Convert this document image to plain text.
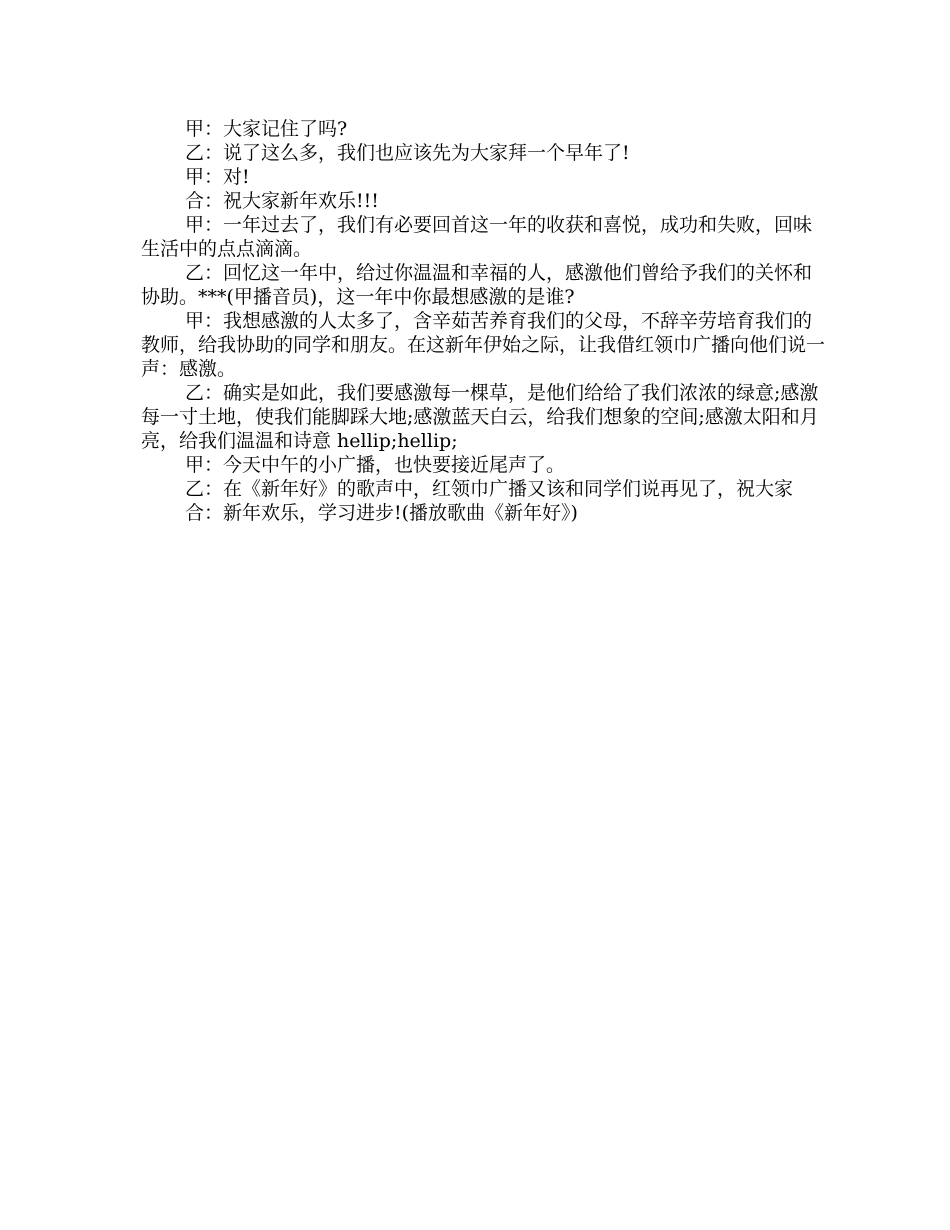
甲：大家记住了吗?

乙：说了这么多，我们也应该先为大家拜一个早年了!

甲：对!

合：祝大家新年欢乐!!!

甲：一年过去了，我们有必要回首这一年的收获和喜悦，成功和失败，回味生活中的点点滴滴。

乙：回忆这一年中，给过你温温和幸福的人，感激他们曾给予我们的关怀和协助。***(甲播音员)，这一年中你最想感激的是谁?

甲：我想感激的人太多了，含辛茹苦养育我们的父母，不辞辛劳培育我们的教师，给我协助的同学和朋友。在这新年伊始之际，让我借红领巾广播向他们说一声：感激。

乙：确实是如此，我们要感激每一棵草，是他们给给了我们浓浓的绿意;感激每一寸土地，使我们能脚踩大地;感激蓝天白云，给我们想象的空间;感激太阳和月亮，给我们温温和诗意 hellip;hellip;

甲：今天中午的小广播，也快要接近尾声了。

乙：在《新年好》的歌声中，红领巾广播又该和同学们说再见了，祝大家

合：新年欢乐，学习进步!(播放歌曲《新年好》)
